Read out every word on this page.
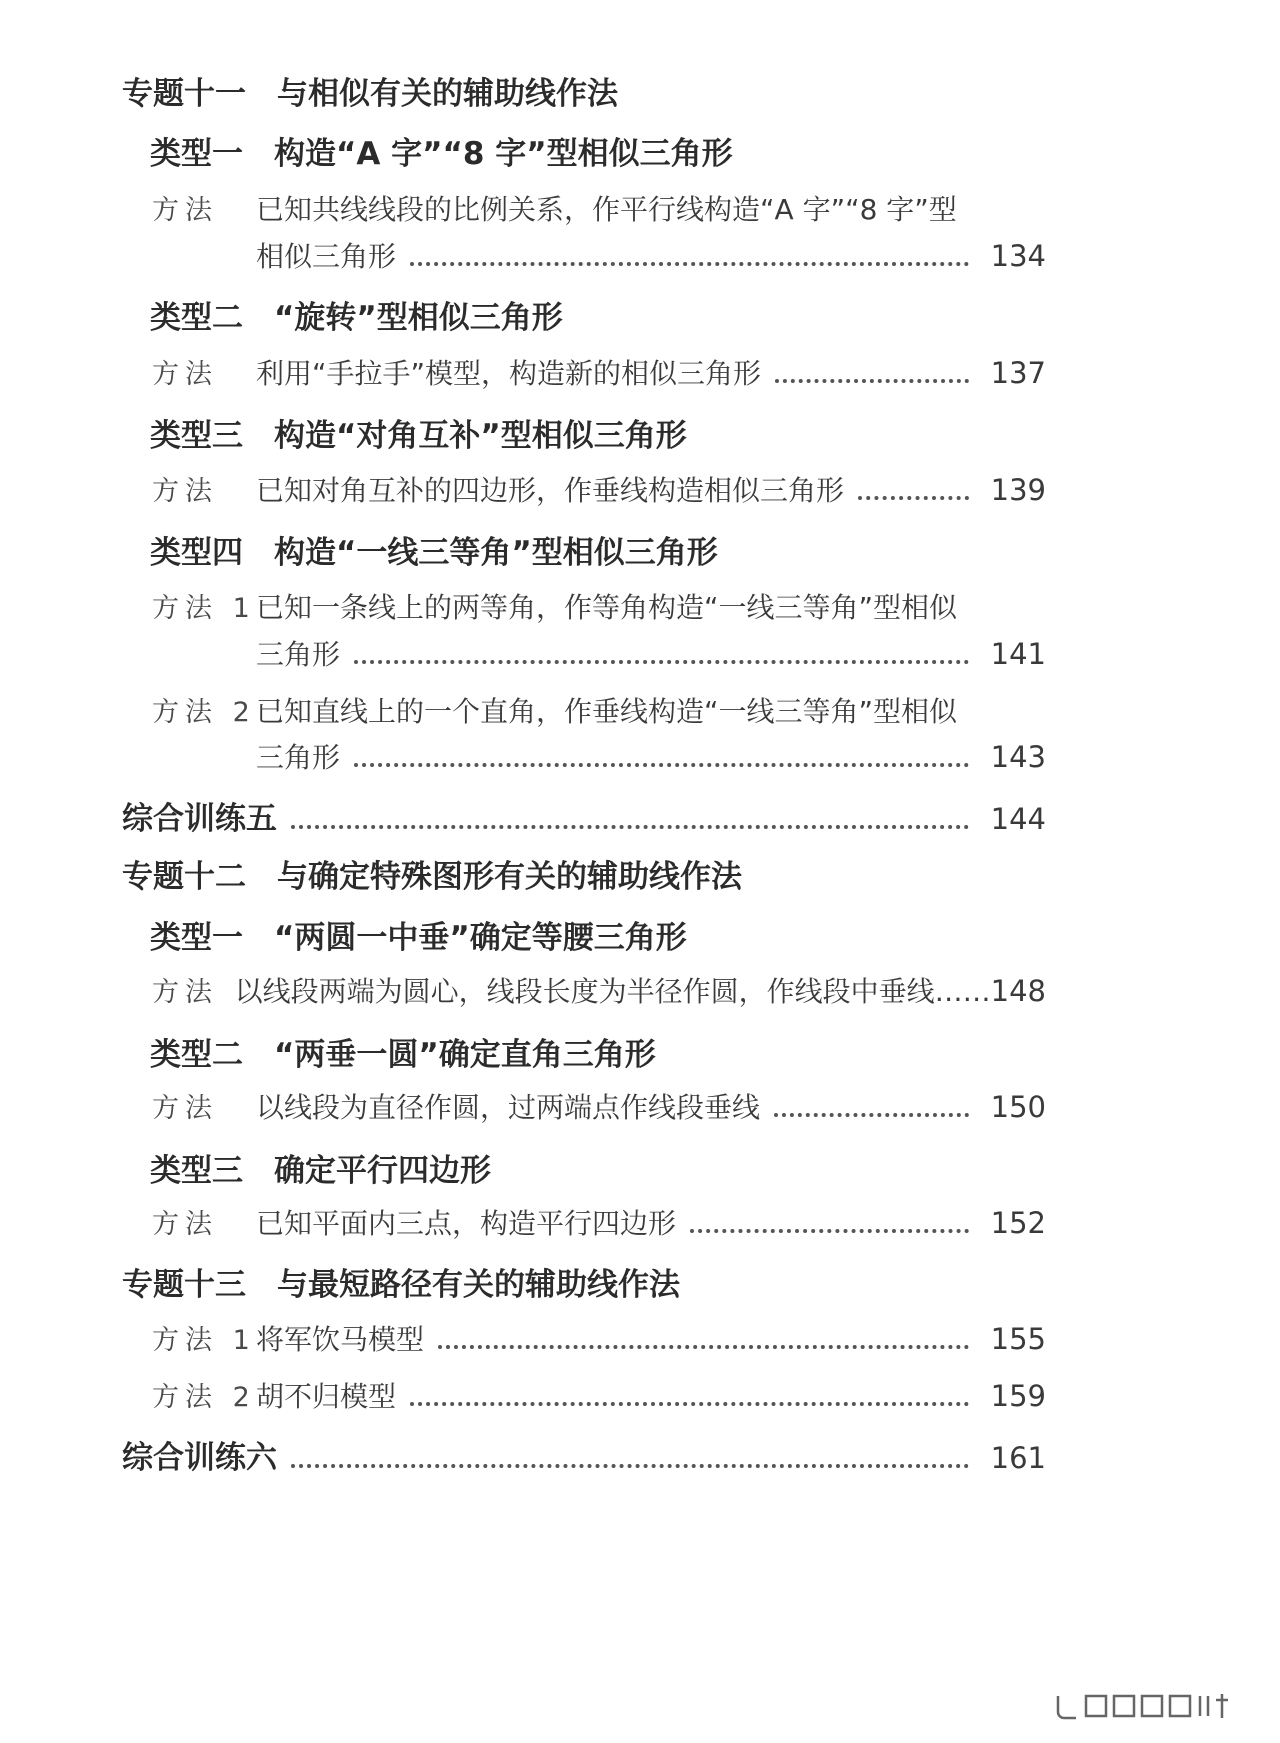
专题十一　与相似有关的辅助线作法
类型一　构造“A 字”“8 字”型相似三角形
方法	已知共线线段的比例关系，作平行线构造“A 字”“8 字”型
相似三角形	134
类型二　“旋转”型相似三角形
方法	利用“手拉手”模型，构造新的相似三角形	137
类型三　构造“对角互补”型相似三角形
方法	已知对角互补的四边形，作垂线构造相似三角形	139
类型四　构造“一线三等角”型相似三角形
方法 1 已知一条线上的两等角，作等角构造“一线三等角”型相似
三角形	141
方法 2 已知直线上的一个直角，作垂线构造“一线三等角”型相似
三角形	143
综合训练五	144
专题十二　与确定特殊图形有关的辅助线作法
类型一　“两圆一中垂”确定等腰三角形
方法 以线段两端为圆心，线段长度为半径作圆，作线段中垂线…… 148
类型二　“两垂一圆”确定直角三角形
方法	以线段为直径作圆，过两端点作线段垂线	150
类型三　确定平行四边形
方法	已知平面内三点，构造平行四边形	152
专题十三　与最短路径有关的辅助线作法
方法 1 将军饮马模型	155
方法 2 胡不归模型	159
综合训练六	161
